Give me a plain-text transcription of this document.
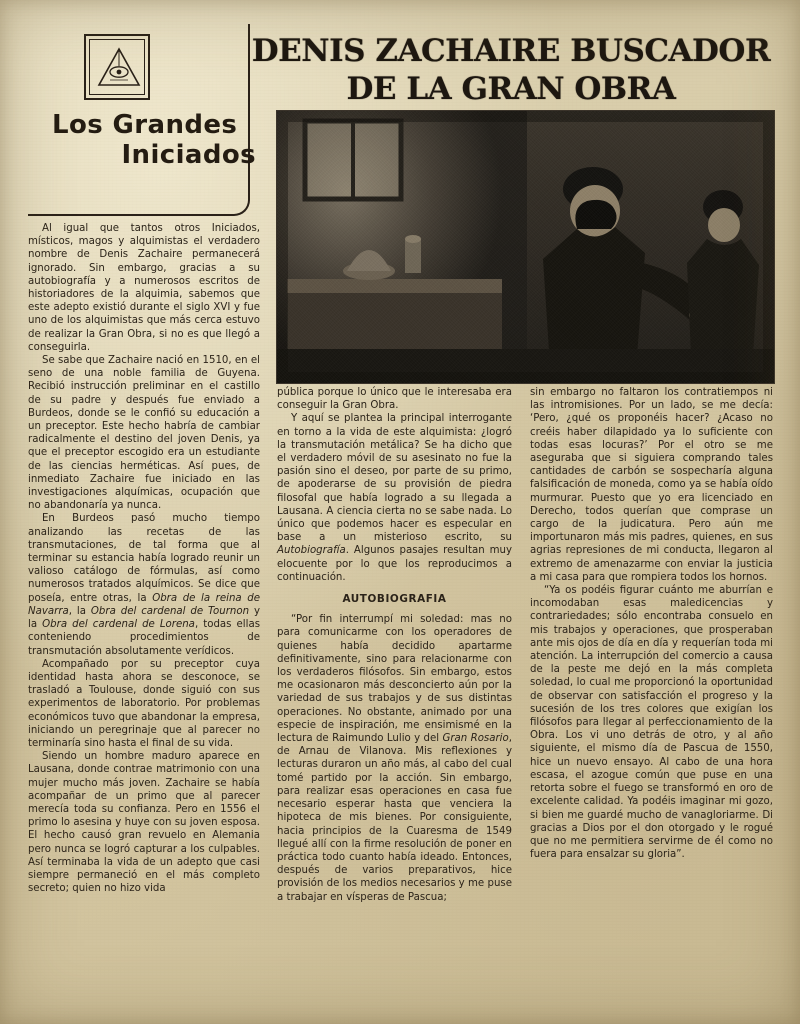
Los Grandes
Iniciados
DENIS ZACHAIRE BUSCADOR
DE LA GRAN OBRA

Al igual que tantos otros Iniciados, místicos, magos y alquimistas el verdadero nombre de Denis Zachaire permanecerá ignorado. Sin embargo, gracias a su autobiografía y a numerosos escritos de historiadores de la alquimia, sabemos que este adepto existió durante el siglo XVI y fue uno de los alquimistas que más cerca estuvo de realizar la Gran Obra, si no es que llegó a conseguirla.

Se sabe que Zachaire nació en 1510, en el seno de una noble familia de Guyena. Recibió instrucción preliminar en el castillo de su padre y después fue enviado a Burdeos, donde se le confió su educación a un preceptor. Este hecho habría de cambiar radicalmente el destino del joven Denis, ya que el preceptor escogido era un estudiante de las ciencias herméticas. Así pues, de inmediato Zachaire fue iniciado en las investigaciones alquímicas, ocupación que no abandonaría ya nunca.

En Burdeos pasó mucho tiempo analizando las recetas de las transmutaciones, de tal forma que al terminar su estancia había logrado reunir un valioso catálogo de fórmulas, así como numerosos tratados alquímicos. Se dice que poseía, entre otras, la Obra de la reina de Navarra, la Obra del cardenal de Tournon y la Obra del cardenal de Lorena, todas ellas conteniendo procedimientos de transmutación absolutamente verídicos.

Acompañado por su preceptor cuya identidad hasta ahora se desconoce, se trasladó a Toulouse, donde siguió con sus experimentos de laboratorio. Por problemas económicos tuvo que abandonar la empresa, iniciando un peregrinaje que al parecer no terminaría sino hasta el final de su vida.

Siendo un hombre maduro aparece en Lausana, donde contrae matrimonio con una mujer mucho más joven. Zachaire se había acompañar de un primo que al parecer merecía toda su confianza. Pero en 1556 el primo lo asesina y huye con su joven esposa. El hecho causó gran revuelo en Alemania pero nunca se logró capturar a los culpables. Así terminaba la vida de un adepto que casi siempre permaneció en el más completo secreto; quien no hizo vida

pública porque lo único que le interesaba era conseguir la Gran Obra.

Y aquí se plantea la principal interrogante en torno a la vida de este alquimista: ¿logró la transmutación metálica? Se ha dicho que el verdadero móvil de su asesinato no fue la pasión sino el deseo, por parte de su primo, de apoderarse de su provisión de piedra filosofal que había logrado a su llegada a Lausana. A ciencia cierta no se sabe nada. Lo único que podemos hacer es especular en base a un misterioso escrito, su Autobiografía. Algunos pasajes resultan muy elocuente por lo que los reproducimos a continuación.

AUTOBIOGRAFIA

“Por fin interrumpí mi soledad: mas no para comunicarme con los operadores de quienes había decidido apartarme definitivamente, sino para relacionarme con los verdaderos filósofos. Sin embargo, estos me ocasionaron más desconcierto aún por la variedad de sus trabajos y de sus distintas operaciones. No obstante, animado por una especie de inspiración, me ensimismé en la lectura de Raimundo Lulio y del Gran Rosario, de Arnau de Vilanova. Mis reflexiones y lecturas duraron un año más, al cabo del cual tomé partido por la acción. Sin embargo, para realizar esas operaciones en casa fue necesario esperar hasta que venciera la hipoteca de mis bienes. Por consiguiente, hacia principios de la Cuaresma de 1549 llegué allí con la firme resolución de poner en práctica todo cuanto había ideado. Entonces, después de varios preparativos, hice provisión de los medios necesarios y me puse a trabajar en vísperas de Pascua;

sin embargo no faltaron los contratiempos ni las intromisiones. Por un lado, se me decía: ‘Pero, ¿qué os proponéis hacer? ¿Acaso no creéis haber dilapidado ya lo suficiente con todas esas locuras?’ Por el otro se me aseguraba que si siguiera comprando tales cantidades de carbón se sospecharía alguna falsificación de moneda, como ya se había oído murmurar. Puesto que yo era licenciado en Derecho, todos querían que comprase un cargo de la judicatura. Pero aún me importunaron más mis padres, quienes, en sus agrias represiones de mi conducta, llegaron al extremo de amenazarme con enviar la justicia a mi casa para que rompiera todos los hornos.

“Ya os podéis figurar cuánto me aburrían e incomodaban esas maledicencias y contrariedades; sólo encontraba consuelo en mis trabajos y operaciones, que prosperaban ante mis ojos de día en día y requerían toda mi atención. La interrupción del comercio a causa de la peste me dejó en la más completa soledad, lo cual me proporcionó la oportunidad de observar con satisfacción el progreso y la sucesión de los tres colores que exigían los filósofos para llegar al perfeccionamiento de la Obra. Los vi uno detrás de otro, y al año siguiente, el mismo día de Pascua de 1550, hice un nuevo ensayo. Al cabo de una hora escasa, el azogue común que puse en una retorta sobre el fuego se transformó en oro de excelente calidad. Ya podéis imaginar mi gozo, si bien me guardé mucho de vanagloriarme. Di gracias a Dios por el don otorgado y le rogué que no me permitiera servirme de él como no fuera para ensalzar su gloria”.
